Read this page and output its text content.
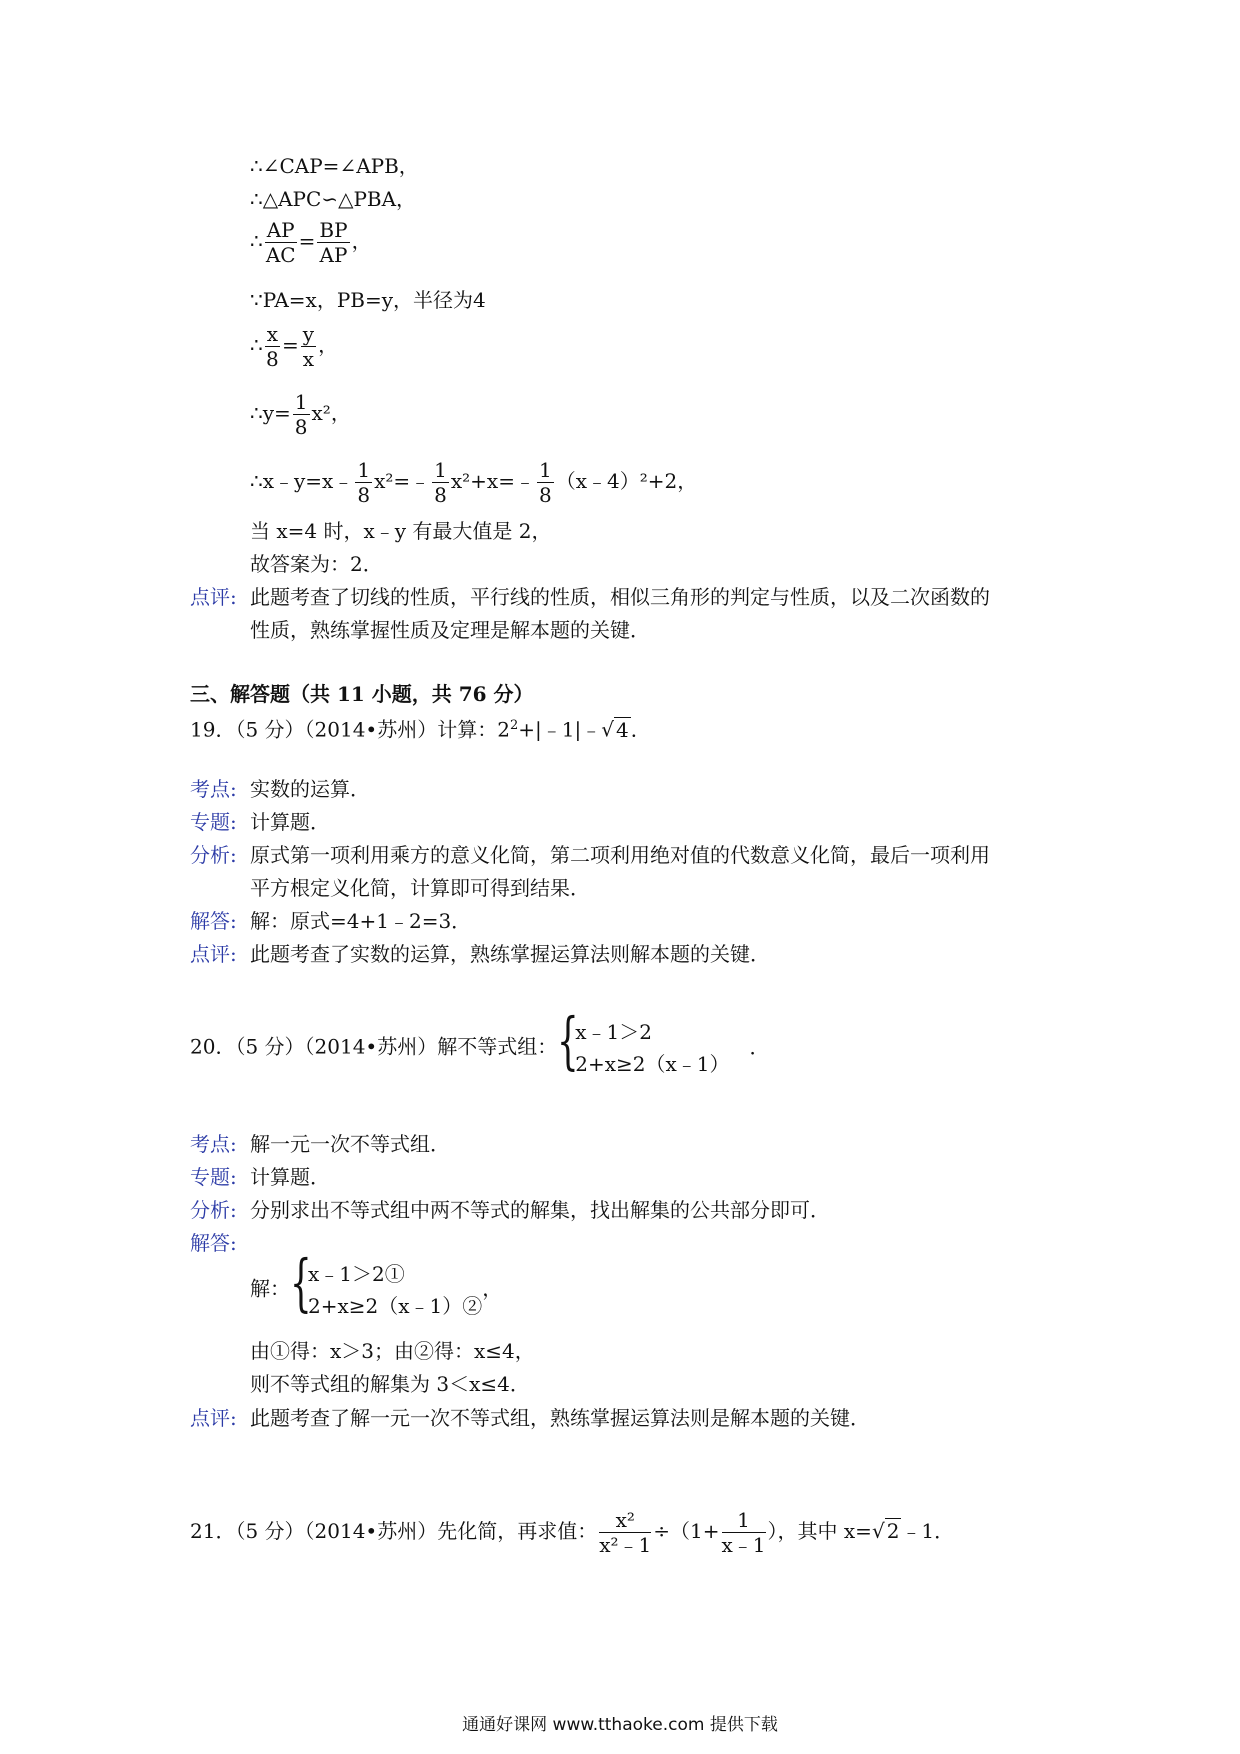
∴∠CAP=∠APB，
∴△APC∽△PBA，
∴ $\frac{AP}{AC} = \frac{BP}{AP}$ ，
∵PA=x，PB=y，半径为4
∴ $\frac{x}{8} = \frac{y}{x}$ ，
∴y= $\frac{1}{8} x^2$，
∴x﹣y=x﹣ $\frac{1}{8}$ x²=﹣ $\frac{1}{8}$ x²+x=﹣ $\frac{1}{8}$ （x﹣4）²+2，
当 x=4 时，x﹣y 有最大值是 2，
故答案为：2．
点评: 此题考查了切线的性质，平行线的性质，相似三角形的判定与性质，以及二次函数的
性质，熟练掌握性质及定理是解本题的关键．
三、解答题（共 11 小题，共 76 分）
19．（5 分）（2014•苏州）计算：$2^2+|﹣1|﹣√$ 4 ．
考点: 实数的运算．
专题: 计算题．
分析: 原式第一项利用乘方的意义化简，第二项利用绝对值的代数意义化简，最后一项利用
平方根定义化简，计算即可得到结果．
解答: 解：原式=4+1﹣2=3．
点评: 此题考查了实数的运算，熟练掌握运算法则解本题的关键．
20．（5 分）（2014•苏州）解不等式组： {
x﹣1＞2
2+x≥2（x﹣1）
．
考点: 解一元一次不等式组．
专题: 计算题．
分析: 分别求出不等式组中两不等式的解集，找出解集的公共部分即可．
解答:
解： {
x﹣1＞2①
2+x≥2（x﹣1）②
，
由①得：x＞3；由②得：x≤4，
则不等式组的解集为 3＜x≤4．
点评: 此题考查了解一元一次不等式组，熟练掌握运算法则是解本题的关键．
21．（5 分）（2014•苏州）先化简，再求值： $\frac{\text{x²}}{\text{x²﹣1}} \div(1+ \frac{1}{x﹣1}$ ），其中 x=√ 2 ﹣1．
通通好课网 www.tthaoke.com 提供下载
